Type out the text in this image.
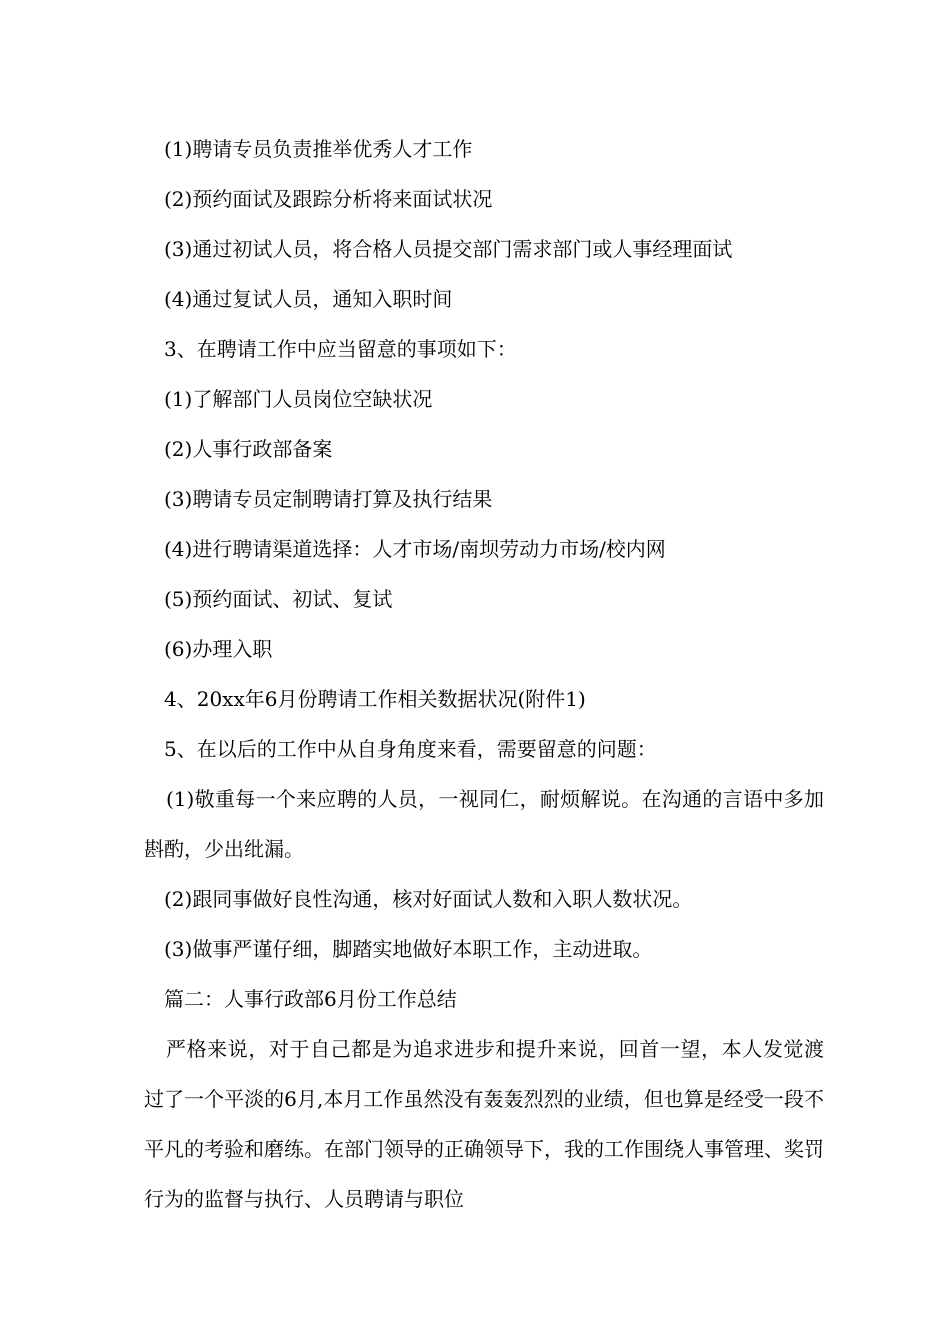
(1)聘请专员负责推举优秀人才工作
(2)预约面试及跟踪分析将来面试状况
(3)通过初试人员，将合格人员提交部门需求部门或人事经理面试
(4)通过复试人员，通知入职时间
3、在聘请工作中应当留意的事项如下：
(1)了解部门人员岗位空缺状况
(2)人事行政部备案
(3)聘请专员定制聘请打算及执行结果
(4)进行聘请渠道选择：人才市场/南坝劳动力市场/校内网
(5)预约面试、初试、复试
(6)办理入职
4、20xx年6月份聘请工作相关数据状况(附件1)
5、在以后的工作中从自身角度来看，需要留意的问题：
(1)敬重每一个来应聘的人员，一视同仁，耐烦解说。在沟通的言语中多加斟酌，少出纰漏。
(2)跟同事做好良性沟通，核对好面试人数和入职人数状况。
(3)做事严谨仔细，脚踏实地做好本职工作，主动进取。
篇二：人事行政部6月份工作总结
严格来说，对于自己都是为追求进步和提升来说，回首一望，本人发觉渡过了一个平淡的6月,本月工作虽然没有轰轰烈烈的业绩，但也算是经受一段不平凡的考验和磨练。在部门领导的正确领导下，我的工作围绕人事管理、奖罚行为的监督与执行、人员聘请与职位
